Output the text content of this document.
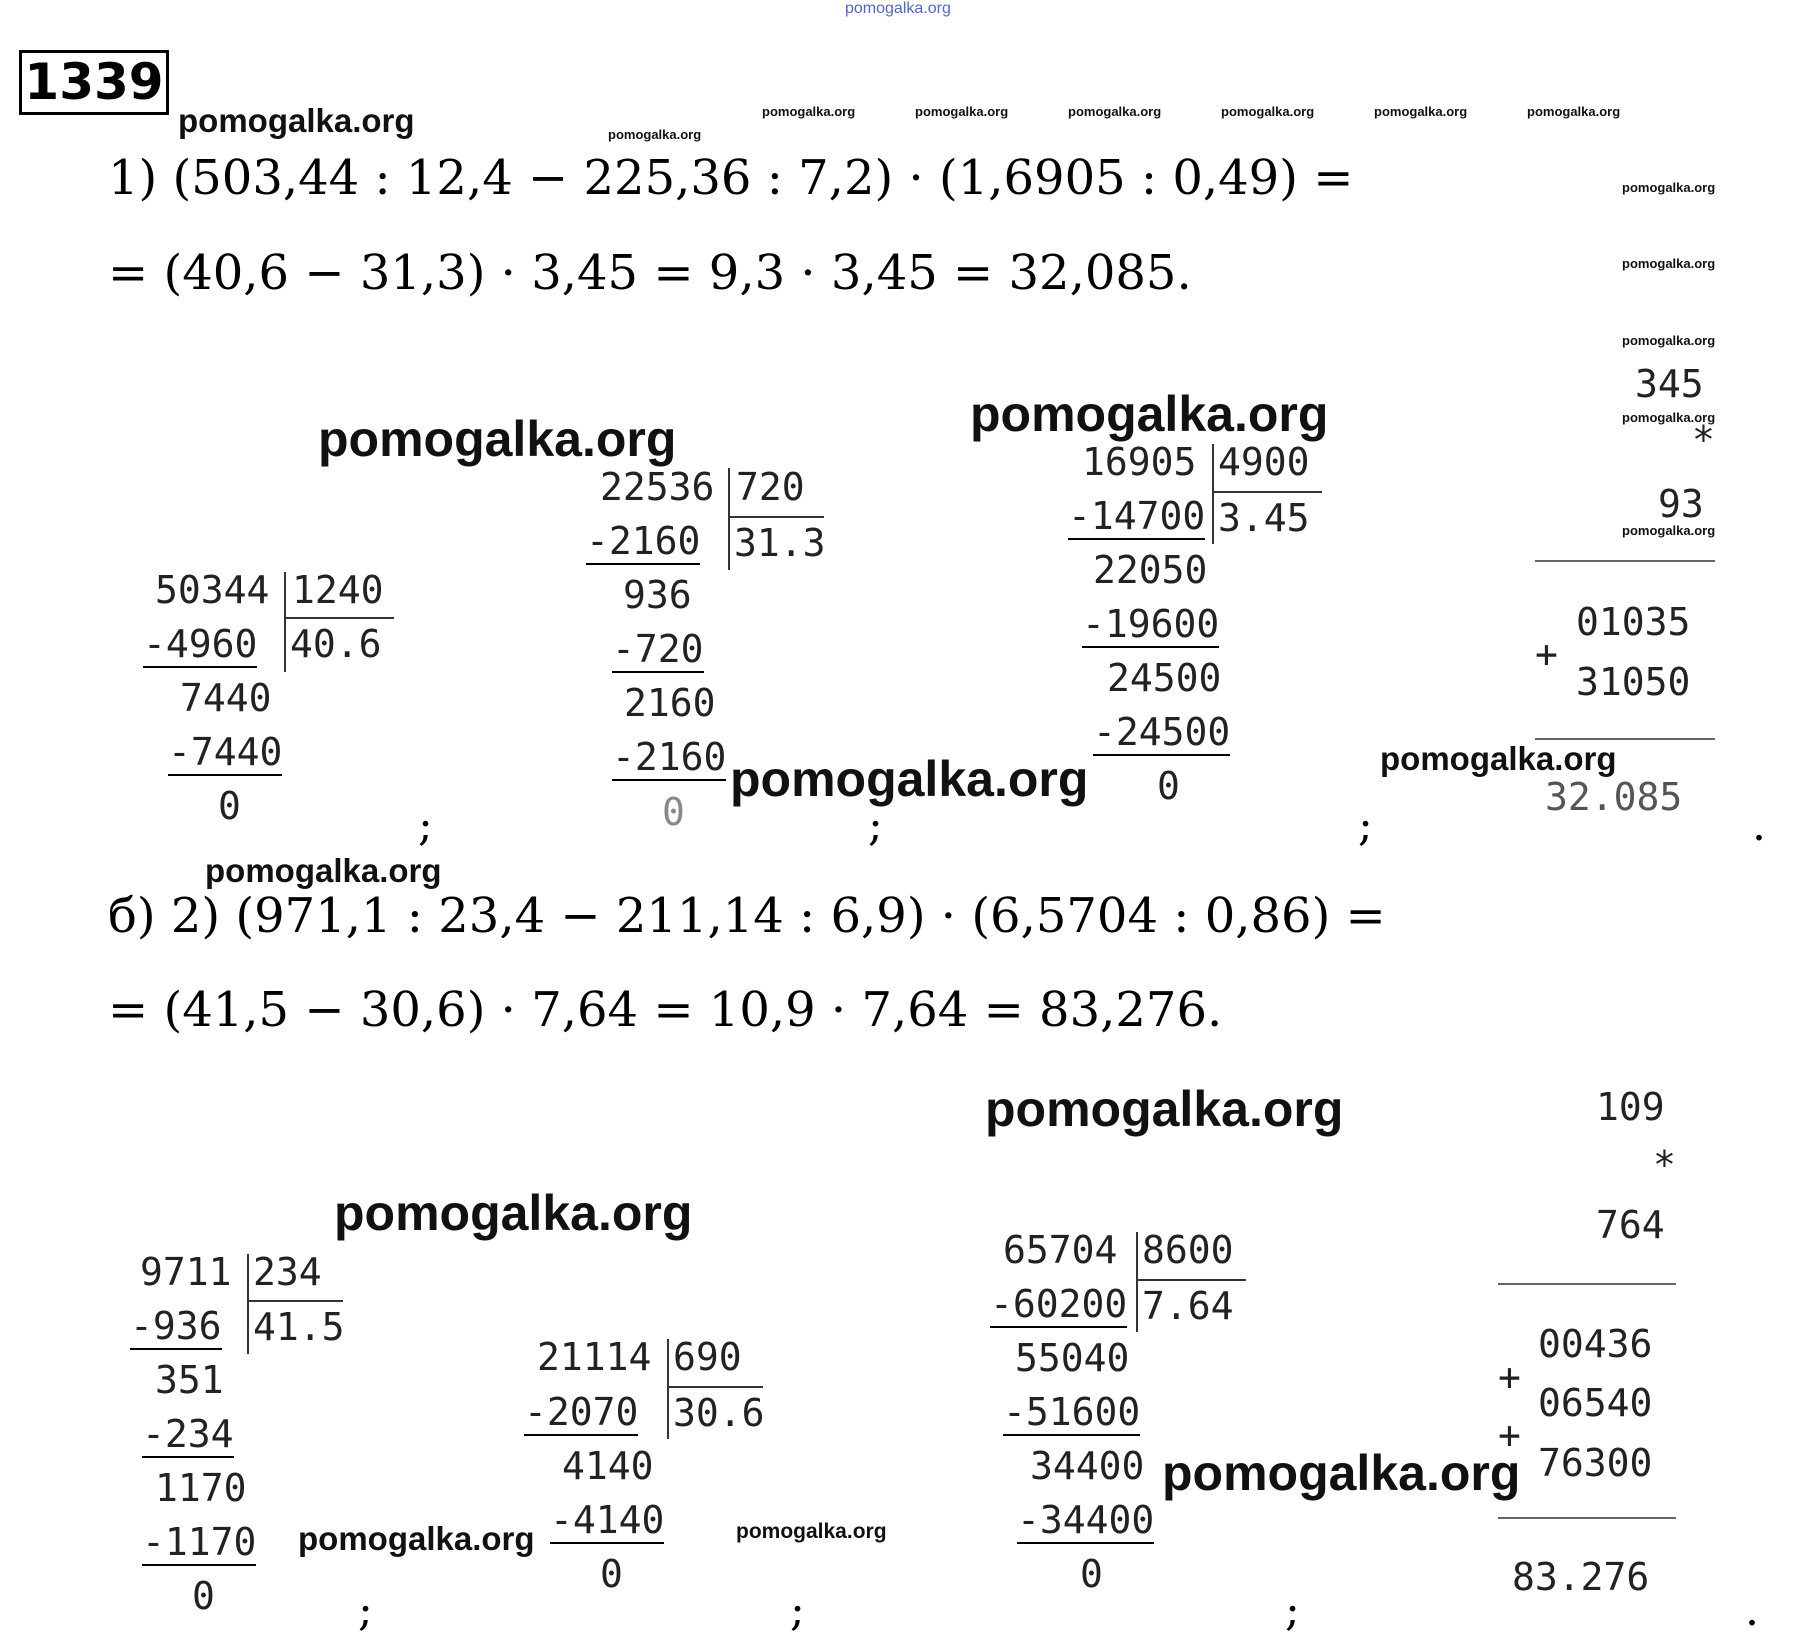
pomogalka.org
1339
pomogalka.org	pomogalka.org
pomogalka.org	pomogalka.org	pomogalka.org	pomogalka.org	pomogalka.org	pomogalka.org
pomogalka.org
pomogalka.org
pomogalka.org
pomogalka.org
pomogalka.org
pomogalka.org	pomogalka.org
pomogalka.org	pomogalka.org
pomogalka.org
pomogalka.org
pomogalka.org
pomogalka.org
pomogalka.org	pomogalka.org
1) (503,44 : 12,4 − 225,36 : 7,2) · (1,6905 : 0,49) =
= (40,6 − 31,3) · 3,45 = 9,3 · 3,45 = 32,085.
50344 1240
40.6
-4960
7440
-7440
0
22536 720
31.3
-2160
936
-720
2160
-2160
0
16905 4900
3.45
-14700
22050
-19600
24500
-24500
0
345
*
93
01035
+
31050
32.085
;	;	;	.
б) 2) (971,1 : 23,4 − 211,14 : 6,9) · (6,5704 : 0,86) =
= (41,5 − 30,6) · 7,64 = 10,9 · 7,64 = 83,276.
9711 234
41.5
-936
351
-234
1170
-1170
0
21114 690
30.6
-2070
4140
-4140
0
65704 8600
7.64
-60200
55040
-51600
34400
-34400
0
109
*
764
00436
+
06540
+
76300
83.276
;	;	;	.
